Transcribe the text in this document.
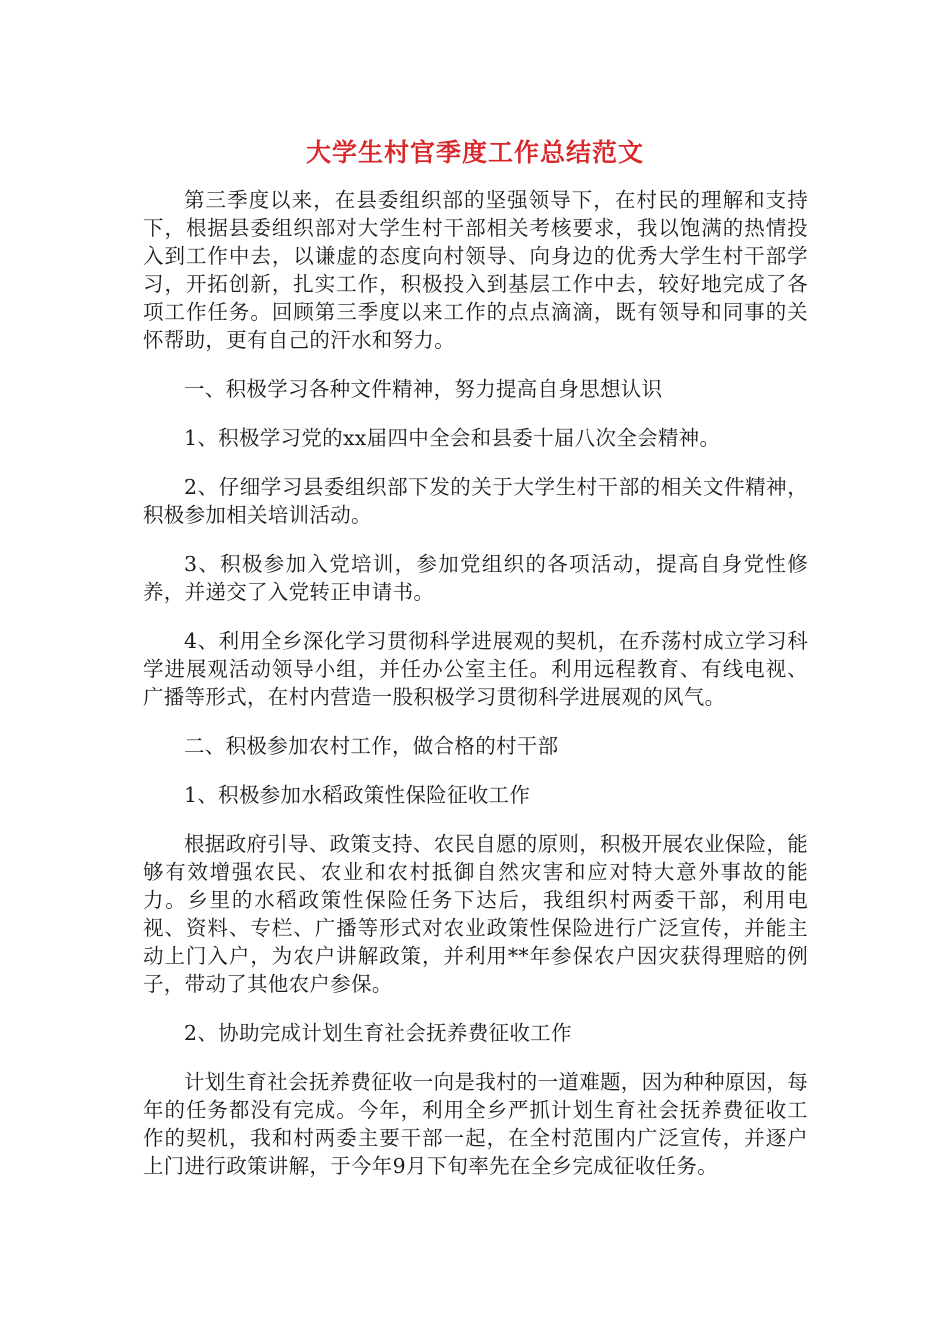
大学生村官季度工作总结范文

第三季度以来，在县委组织部的坚强领导下，在村民的理解和支持下，根据县委组织部对大学生村干部相关考核要求，我以饱满的热情投入到工作中去，以谦虚的态度向村领导、向身边的优秀大学生村干部学习，开拓创新，扎实工作，积极投入到基层工作中去，较好地完成了各项工作任务。回顾第三季度以来工作的点点滴滴，既有领导和同事的关怀帮助，更有自己的汗水和努力。

一、积极学习各种文件精神，努力提高自身思想认识

1、积极学习党的xx届四中全会和县委十届八次全会精神。

2、仔细学习县委组织部下发的关于大学生村干部的相关文件精神，积极参加相关培训活动。

3、积极参加入党培训，参加党组织的各项活动，提高自身党性修养，并递交了入党转正申请书。

4、利用全乡深化学习贯彻科学进展观的契机，在乔荡村成立学习科学进展观活动领导小组，并任办公室主任。利用远程教育、有线电视、广播等形式，在村内营造一股积极学习贯彻科学进展观的风气。

二、积极参加农村工作，做合格的村干部

1、积极参加水稻政策性保险征收工作

根据政府引导、政策支持、农民自愿的原则，积极开展农业保险，能够有效增强农民、农业和农村抵御自然灾害和应对特大意外事故的能力。乡里的水稻政策性保险任务下达后，我组织村两委干部，利用电视、资料、专栏、广播等形式对农业政策性保险进行广泛宣传，并能主动上门入户，为农户讲解政策，并利用**年参保农户因灾获得理赔的例子，带动了其他农户参保。

2、协助完成计划生育社会抚养费征收工作

计划生育社会抚养费征收一向是我村的一道难题，因为种种原因，每年的任务都没有完成。今年，利用全乡严抓计划生育社会抚养费征收工作的契机，我和村两委主要干部一起，在全村范围内广泛宣传，并逐户上门进行政策讲解，于今年9月下旬率先在全乡完成征收任务。
